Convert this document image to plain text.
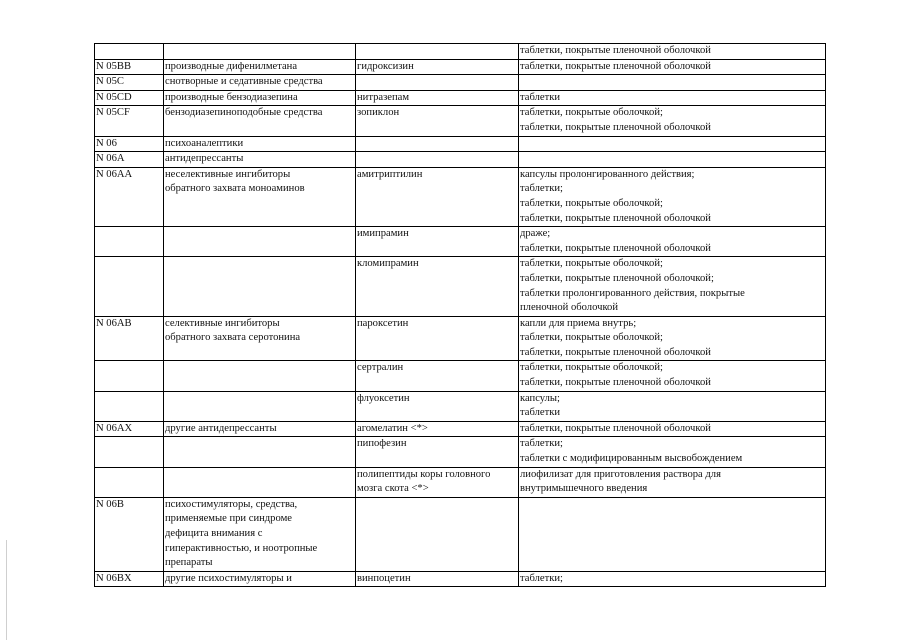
			таблетки, покрытые пленочной оболочкой

N 05BB	производные дифенилметана	гидроксизин	таблетки, покрытые пленочной оболочкой

N 05C	снотворные и седативные средства		

N 05CD	производные бензодиазепина	нитразепам	таблетки

N 05CF	бензодиазепиноподобные средства	зопиклон	таблетки, покрытые оболочкой;
таблетки, покрытые пленочной оболочкой

N 06	психоаналептики		

N 06A	антидепрессанты		

N 06AA	неселективные ингибиторы
обратного захвата моноаминов	амитриптилин	капсулы пролонгированного действия;
таблетки;
таблетки, покрытые оболочкой;
таблетки, покрытые пленочной оболочкой

		имипрамин	драже;
таблетки, покрытые пленочной оболочкой

		кломипрамин	таблетки, покрытые оболочкой;
таблетки, покрытые пленочной оболочкой;
таблетки пролонгированного действия, покрытые
пленочной оболочкой

N 06AB	селективные ингибиторы
обратного захвата серотонина	пароксетин	капли для приема внутрь;
таблетки, покрытые оболочкой;
таблетки, покрытые пленочной оболочкой

		сертралин	таблетки, покрытые оболочкой;
таблетки, покрытые пленочной оболочкой

		флуоксетин	капсулы;
таблетки

N 06AX	другие антидепрессанты	агомелатин <*>	таблетки, покрытые пленочной оболочкой

		пипофезин	таблетки;
таблетки с модифицированным высвобождением

		полипептиды коры головного
мозга скота <*>	лиофилизат для приготовления раствора для
внутримышечного введения

N 06B	психостимуляторы, средства,
применяемые при синдроме
дефицита внимания с
гиперактивностью, и ноотропные
препараты		

N 06BX	другие психостимуляторы и	винпоцетин	таблетки;
